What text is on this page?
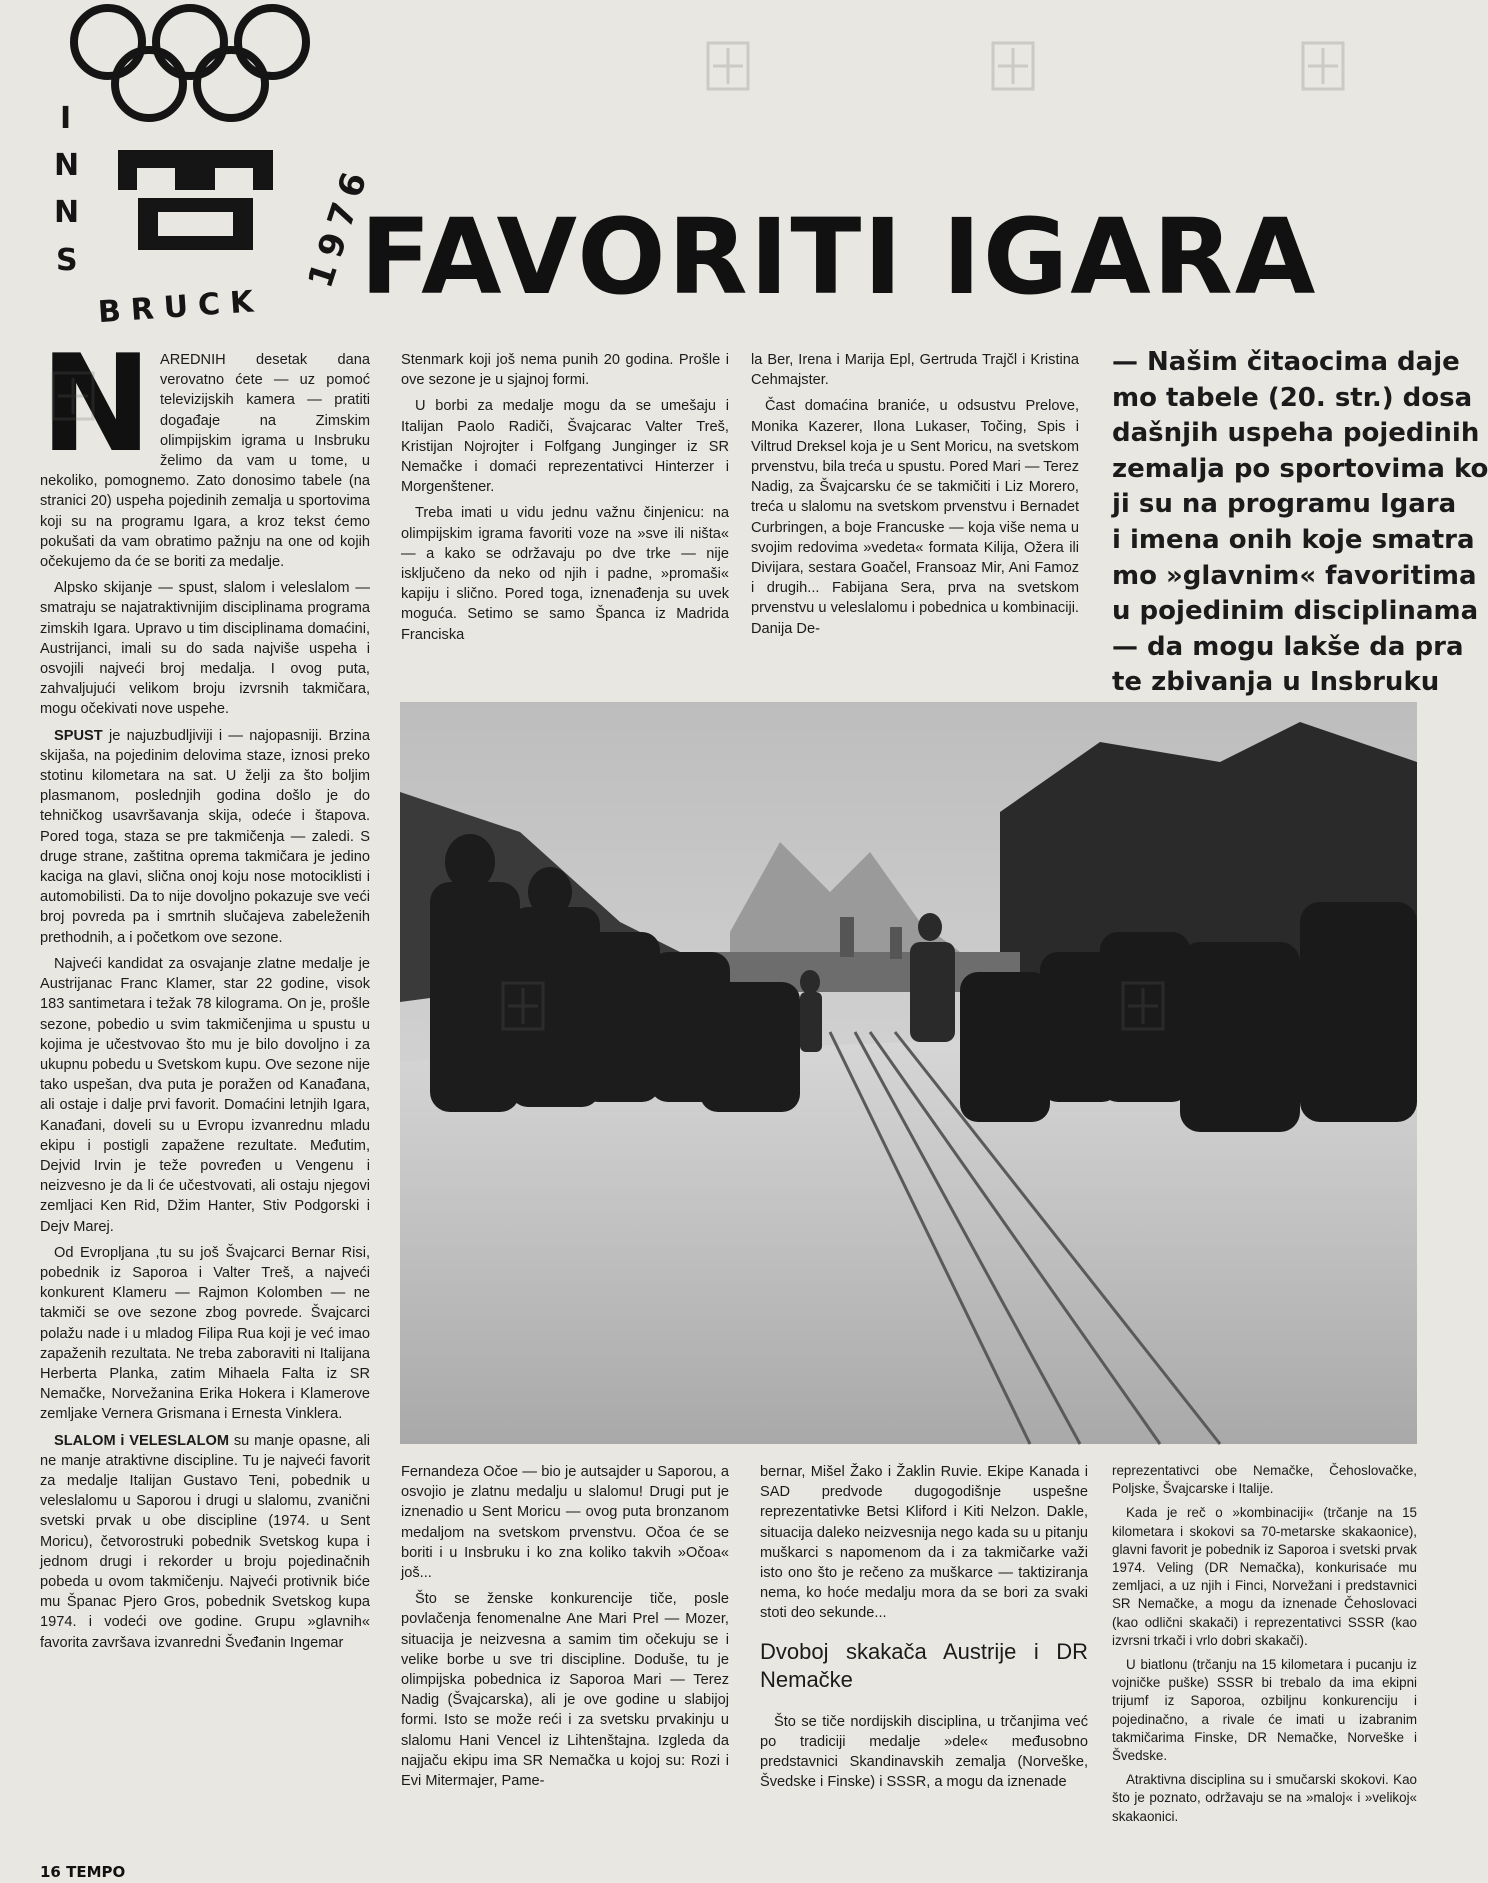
I
N
N
S
BRUCK
1976
FAVORITI IGARA
N AREDNIH desetak dana verovatno ćete — uz pomoć televizijskih kamera — pratiti događaje na Zimskim olimpijskim igrama u Insbruku želimo da vam u tome, u nekoliko, pomognemo. Zato donosimo tabele (na stranici 20) uspeha pojedinih zemalja u sportovima koji su na programu Igara, a kroz tekst ćemo pokušati da vam obratimo pažnju na one od kojih očekujemo da će se boriti za medalje.

Alpsko skijanje — spust, slalom i veleslalom — smatraju se najatraktivnijim disciplinama programa zimskih Igara. Upravo u tim disciplinama domaćini, Austrijanci, imali su do sada najviše uspeha i osvojili najveći broj medalja. I ovog puta, zahvaljujući velikom broju izvrsnih takmičara, mogu očekivati nove uspehe.

SPUST je najuzbudljiviji i — najopasniji. Brzina skijaša, na pojedinim delovima staze, iznosi preko stotinu kilometara na sat. U želji za što boljim plasmanom, poslednjih godina došlo je do tehničkog usavršavanja skija, odeće i štapova. Pored toga, staza se pre takmičenja — zaledi. S druge strane, zaštitna oprema takmičara je jedino kaciga na glavi, slična onoj koju nose motociklisti i automobilisti. Da to nije dovoljno pokazuje sve veći broj povreda pa i smrtnih slučajeva zabeleženih prethodnih, a i početkom ove sezone.

Najveći kandidat za osvajanje zlatne medalje je Austrijanac Franc Klamer, star 22 godine, visok 183 santimetara i težak 78 kilograma. On je, prošle sezone, pobedio u svim takmičenjima u spustu u kojima je učestvovao što mu je bilo dovoljno i za ukupnu pobedu u Svetskom kupu. Ove sezone nije tako uspešan, dva puta je poražen od Kanađana, ali ostaje i dalje prvi favorit. Domaćini letnjih Igara, Kanađani, doveli su u Evropu izvanrednu mladu ekipu i postigli zapažene rezultate. Međutim, Dejvid Irvin je teže povređen u Vengenu i neizvesno je da li će učestvovati, ali ostaju njegovi zemljaci Ken Rid, Džim Hanter, Stiv Podgorski i Dejv Marej.

Od Evropljana ,tu su još Švajcarci Bernar Risi, pobednik iz Saporoa i Valter Treš, a najveći konkurent Klameru — Rajmon Kolomben — ne takmiči se ove sezone zbog povrede. Švajcarci polažu nade i u mladog Filipa Rua koji je već imao zapaženih rezultata. Ne treba zaboraviti ni Italijana Herberta Planka, zatim Mihaela Falta iz SR Nemačke, Norvežanina Erika Hokera i Klamerove zemljake Vernera Grismana i Ernesta Vinklera.

SLALOM i VELESLALOM su manje opasne, ali ne manje atraktivne discipline. Tu je najveći favorit za medalje Italijan Gustavo Teni, pobednik u veleslalomu u Saporou i drugi u slalomu, zvanični svetski prvak u obe discipline (1974. u Sent Moricu), četvorostruki pobednik Svetskog kupa i jednom drugi i rekorder u broju pojedinačnih pobeda u ovom takmičenju. Najveći protivnik biće mu Španac Pjero Gros, pobednik Svetskog kupa 1974. i vodeći ove godine. Grupu »glavnih« favorita završava izvanredni Šveđanin Ingemar

Stenmark koji još nema punih 20 godina. Prošle i ove sezone je u sjajnoj formi.

U borbi za medalje mogu da se umešaju i Italijan Paolo Radiči, Švajcarac Valter Treš, Kristijan Nojrojter i Folfgang Junginger iz SR Nemačke i domaći reprezentativci Hinterzer i Morgenštener.

Treba imati u vidu jednu važnu činjenicu: na olimpijskim igrama favoriti voze na »sve ili ništa« — a kako se održavaju po dve trke — nije isključeno da neko od njih i padne, »promaši« kapiju i slično. Pored toga, iznenađenja su uvek moguća. Setimo se samo Španca iz Madrida Franciska

la Ber, Irena i Marija Epl, Gertruda Trajčl i Kristina Cehmajster.

Čast domaćina braniće, u odsustvu Prelove, Monika Kazerer, Ilona Lukaser, Točing, Spis i Viltrud Dreksel koja je u Sent Moricu, na svetskom prvenstvu, bila treća u spustu. Pored Mari — Terez Nadig, za Švajcarsku će se takmičiti i Liz Morero, treća u slalomu na svetskom prvenstvu i Bernadet Curbringen, a boje Francuske — koja više nema u svojim redovima »vedeta« formata Kilija, Ožera ili Divijara, sestara Goačel, Fransoaz Mir, Ani Famoz i drugih... Fabijana Sera, prva na svetskom prvenstvu u veleslalomu i pobednica u kombinaciji. Danija De-

— Našim čitaocima daje
mo tabele (20. str.) dosa
dašnjih uspeha pojedinih
zemalja po sportovima ko
ji su na programu Igara
i imena onih koje smatra
mo »glavnim« favoritima
u pojedinim disciplinama
— da mogu lakše da pra
te zbivanja u Insbruku

Fernandeza Očoe — bio je autsajder u Saporou, a osvojio je zlatnu medalju u slalomu! Drugi put je iznenadio u Sent Moricu — ovog puta bronzanom medaljom na svetskom prvenstvu. Očoa će se boriti i u Insbruku i ko zna koliko takvih »Očoa« još...

Što se ženske konkurencije tiče, posle povlačenja fenomenalne Ane Mari Prel — Mozer, situacija je neizvesna a samim tim očekuju se i velike borbe u sve tri discipline. Doduše, tu je olimpijska pobednica iz Saporoa Mari — Terez Nadig (Švajcarska), ali je ove godine u slabijoj formi. Isto se može reći i za svetsku prvakinju u slalomu Hani Vencel iz Lihtenštajna. Izgleda da najjaču ekipu ima SR Nemačka u kojoj su: Rozi i Evi Mitermajer, Pame-

bernar, Mišel Žako i Žaklin Ruvie. Ekipe Kanada i SAD predvode dugogodišnje uspešne reprezentativke Betsi Kliford i Kiti Nelzon. Dakle, situacija daleko neizvesnija nego kada su u pitanju muškarci s napomenom da i za takmičarke važi isto ono što je rečeno za muškarce — taktiziranja nema, ko hoće medalju mora da se bori za svaki stoti deo sekunde...

Dvoboj skakača Austrije i DR Nemačke

Što se tiče nordijskih disciplina, u trčanjima već po tradiciji medalje »dele« međusobno predstavnici Skandinavskih zemalja (Norveške, Švedske i Finske) i SSSR, a mogu da iznenade

reprezentativci obe Nemačke, Čehoslovačke, Poljske, Švajcarske i Italije.

Kada je reč o »kombinaciji« (trčanje na 15 kilometara i skokovi sa 70-metarske skakaonice), glavni favorit je pobednik iz Saporoa i svetski prvak 1974. Veling (DR Nemačka), konkurisaće mu zemljaci, a uz njih i Finci, Norvežani i predstavnici SR Nemačke, a mogu da iznenade Čehoslovaci (kao odlični skakači) i reprezentativci SSSR (kao izvrsni trkači i vrlo dobri skakači).

U biatlonu (trčanju na 15 kilometara i pucanju iz vojničke puške) SSSR bi trebalo da ima ekipni trijumf iz Saporoa, ozbiljnu konkurenciju i pojedinačno, a rivale će imati u izabranim takmičarima Finske, DR Nemačke, Norveške i Švedske.

Atraktivna disciplina su i smučarski skokovi. Kao što je poznato, održavaju se na »maloj« i »velikoj« skakaonici.

16 TEMPO
